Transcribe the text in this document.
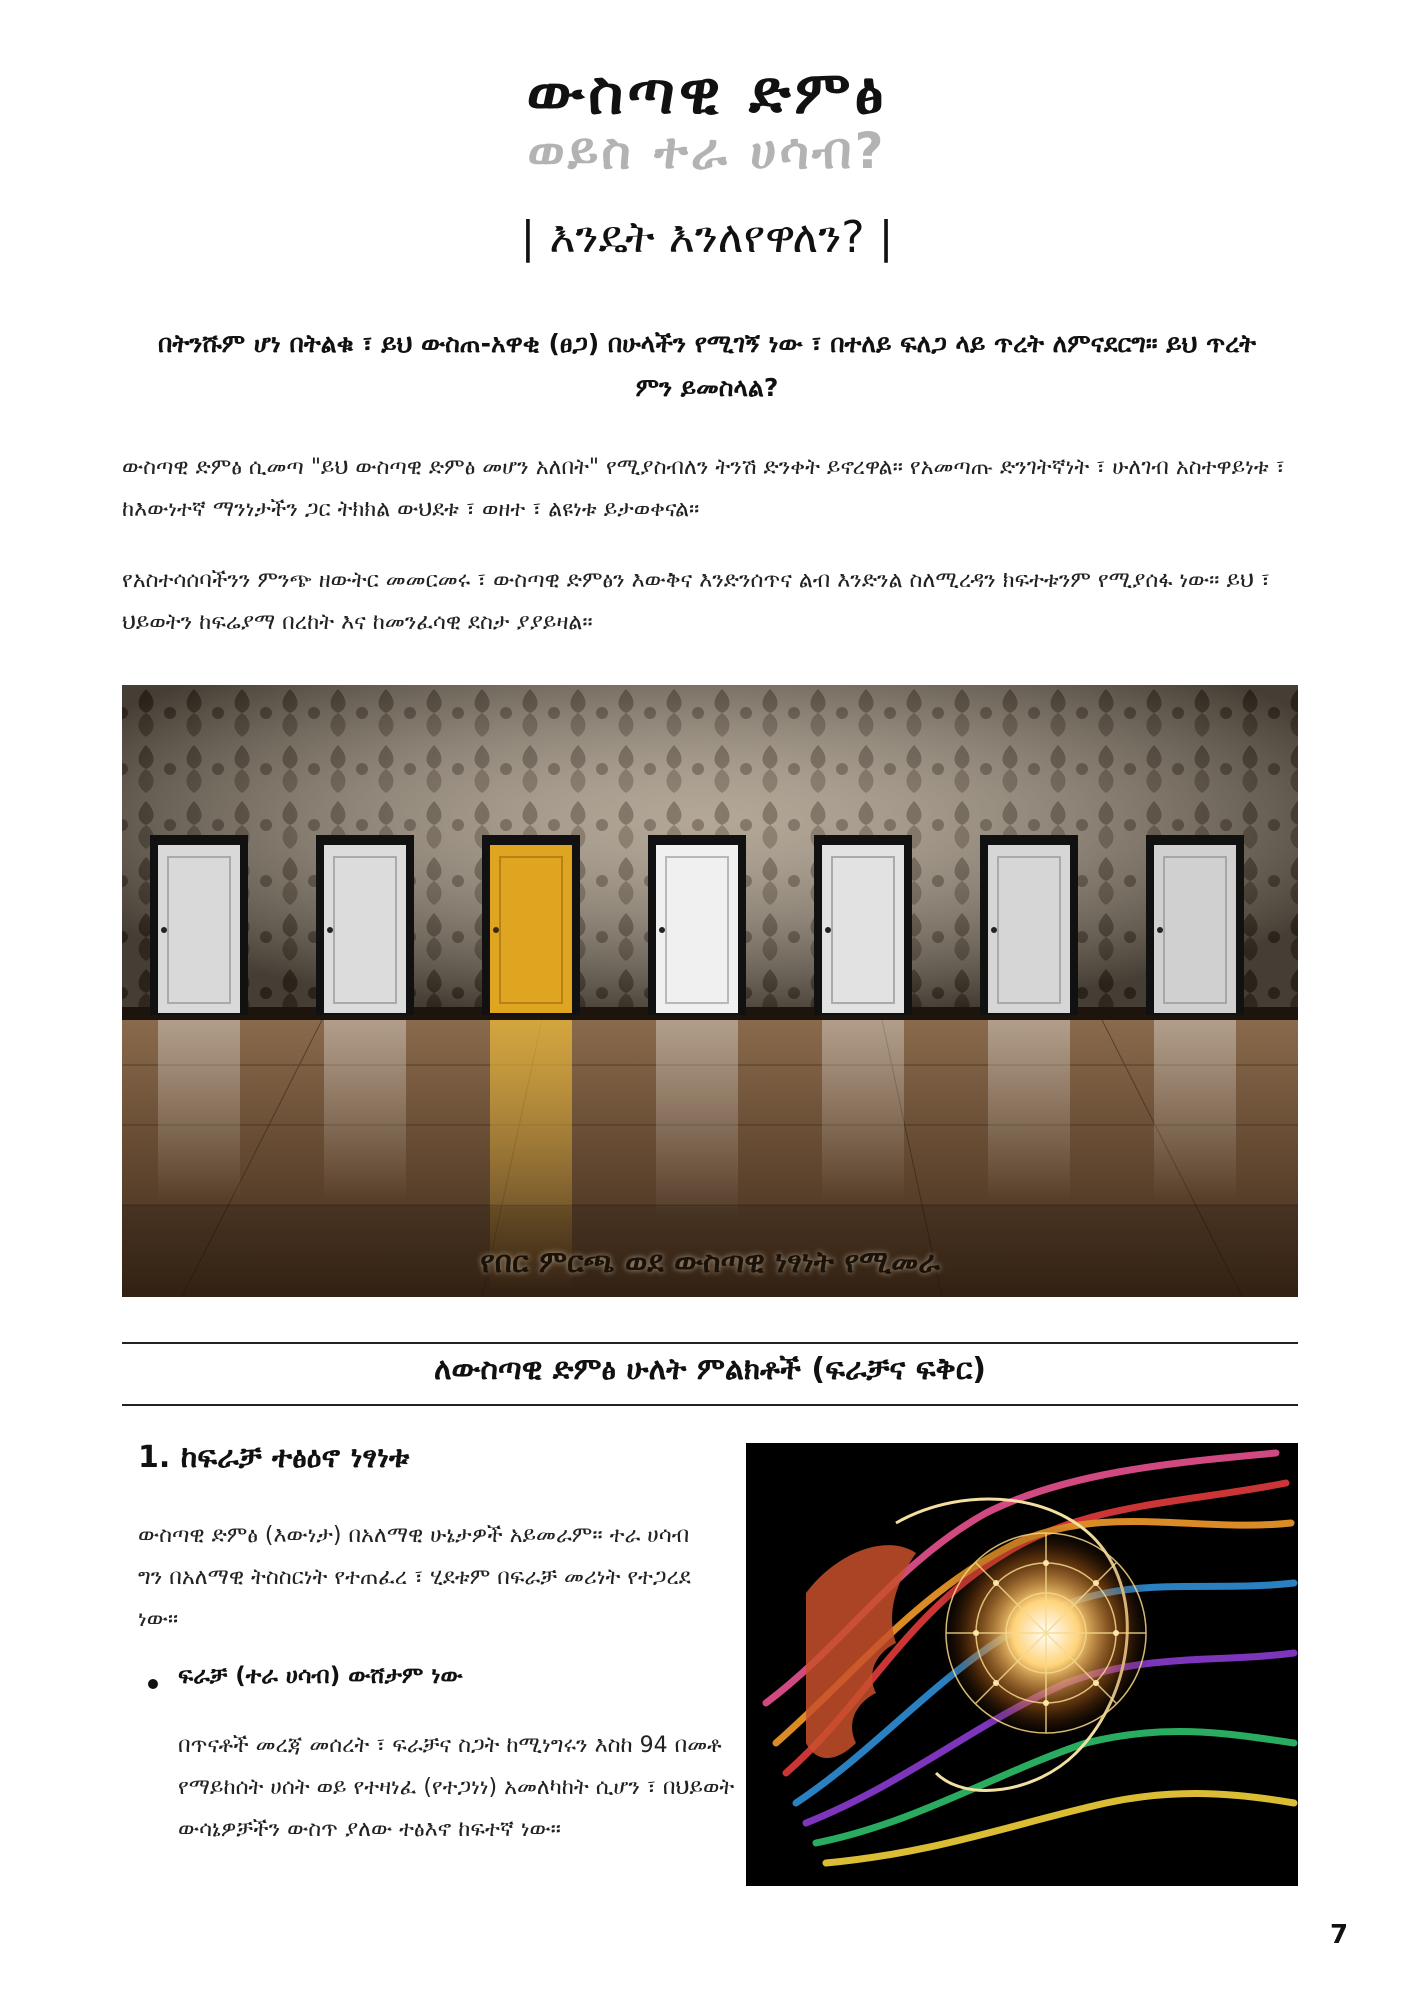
ውስጣዊ ድምፅ
ወይስ ተራ ሀሳብ?
| እንዴት እንለየዋለን? |
በትንሹም ሆነ በትልቁ ፣ ይህ ውስጠ-አዋቂ (ፀጋ) በሁላችን የሚገኝ ነው ፣ በተለይ ፍለጋ ላይ ጥረት ለምናደርግ። ይህ ጥረት ምን ይመስላል?
ውስጣዊ ድምፅ ሲመጣ "ይህ ውስጣዊ ድምፅ መሆን አለበት" የሚያስብለን ትንሽ ድንቀት ይኖረዋል። የአመጣጡ ድንገትኛነት ፣ ሁለገብ አስተዋይነቱ ፣ ከእውነተኛ ማንነታችን ጋር ትክክል ውህደቱ ፣ ወዘተ ፣ ልዩነቱ ይታወቀናል።
የአስተሳሰባችንን ምንጭ ዘውትር መመርመሩ ፣ ውስጣዊ ድምፅን እውቅና እንድንሰጥና ልብ እንድንል ስለሚረዳን ክፍተቱንም የሚያሰፋ ነው። ይህ ፣ ህይወትን ከፍሬያማ በረከት እና ከመንፈሳዊ ደስታ ያያይዛል።
የበር ምርጫ ወደ ውስጣዊ ነፃነት የሚመራ
ለውስጣዊ ድምፅ ሁለት ምልክቶች (ፍራቻና ፍቅር)
1. ከፍራቻ ተፅዕኖ ነፃነቱ
ውስጣዊ ድምፅ (እውነታ) በአለማዊ ሁኔታዎች አይመራም። ተራ ሀሳብ ግን በአለማዊ ትስስርነት የተጠፈረ ፣ ሂደቱም በፍራቻ መሪነት የተጋረደ ነው።
ፍራቻ (ተራ ሀሳብ) ውሸታም ነው
በጥናቶች መረጃ መሰረት ፣ ፍራቻና ስጋት ከሚነግሩን እስከ 94 በመቶ የማይከሰት ሀሰት ወይ የተዛነፈ (የተጋነነ) አመለካከት ሲሆን ፣ በህይወት ውሳኔዎቻችን ውስጥ ያለው ተፅእኖ ከፍተኛ ነው።
7
